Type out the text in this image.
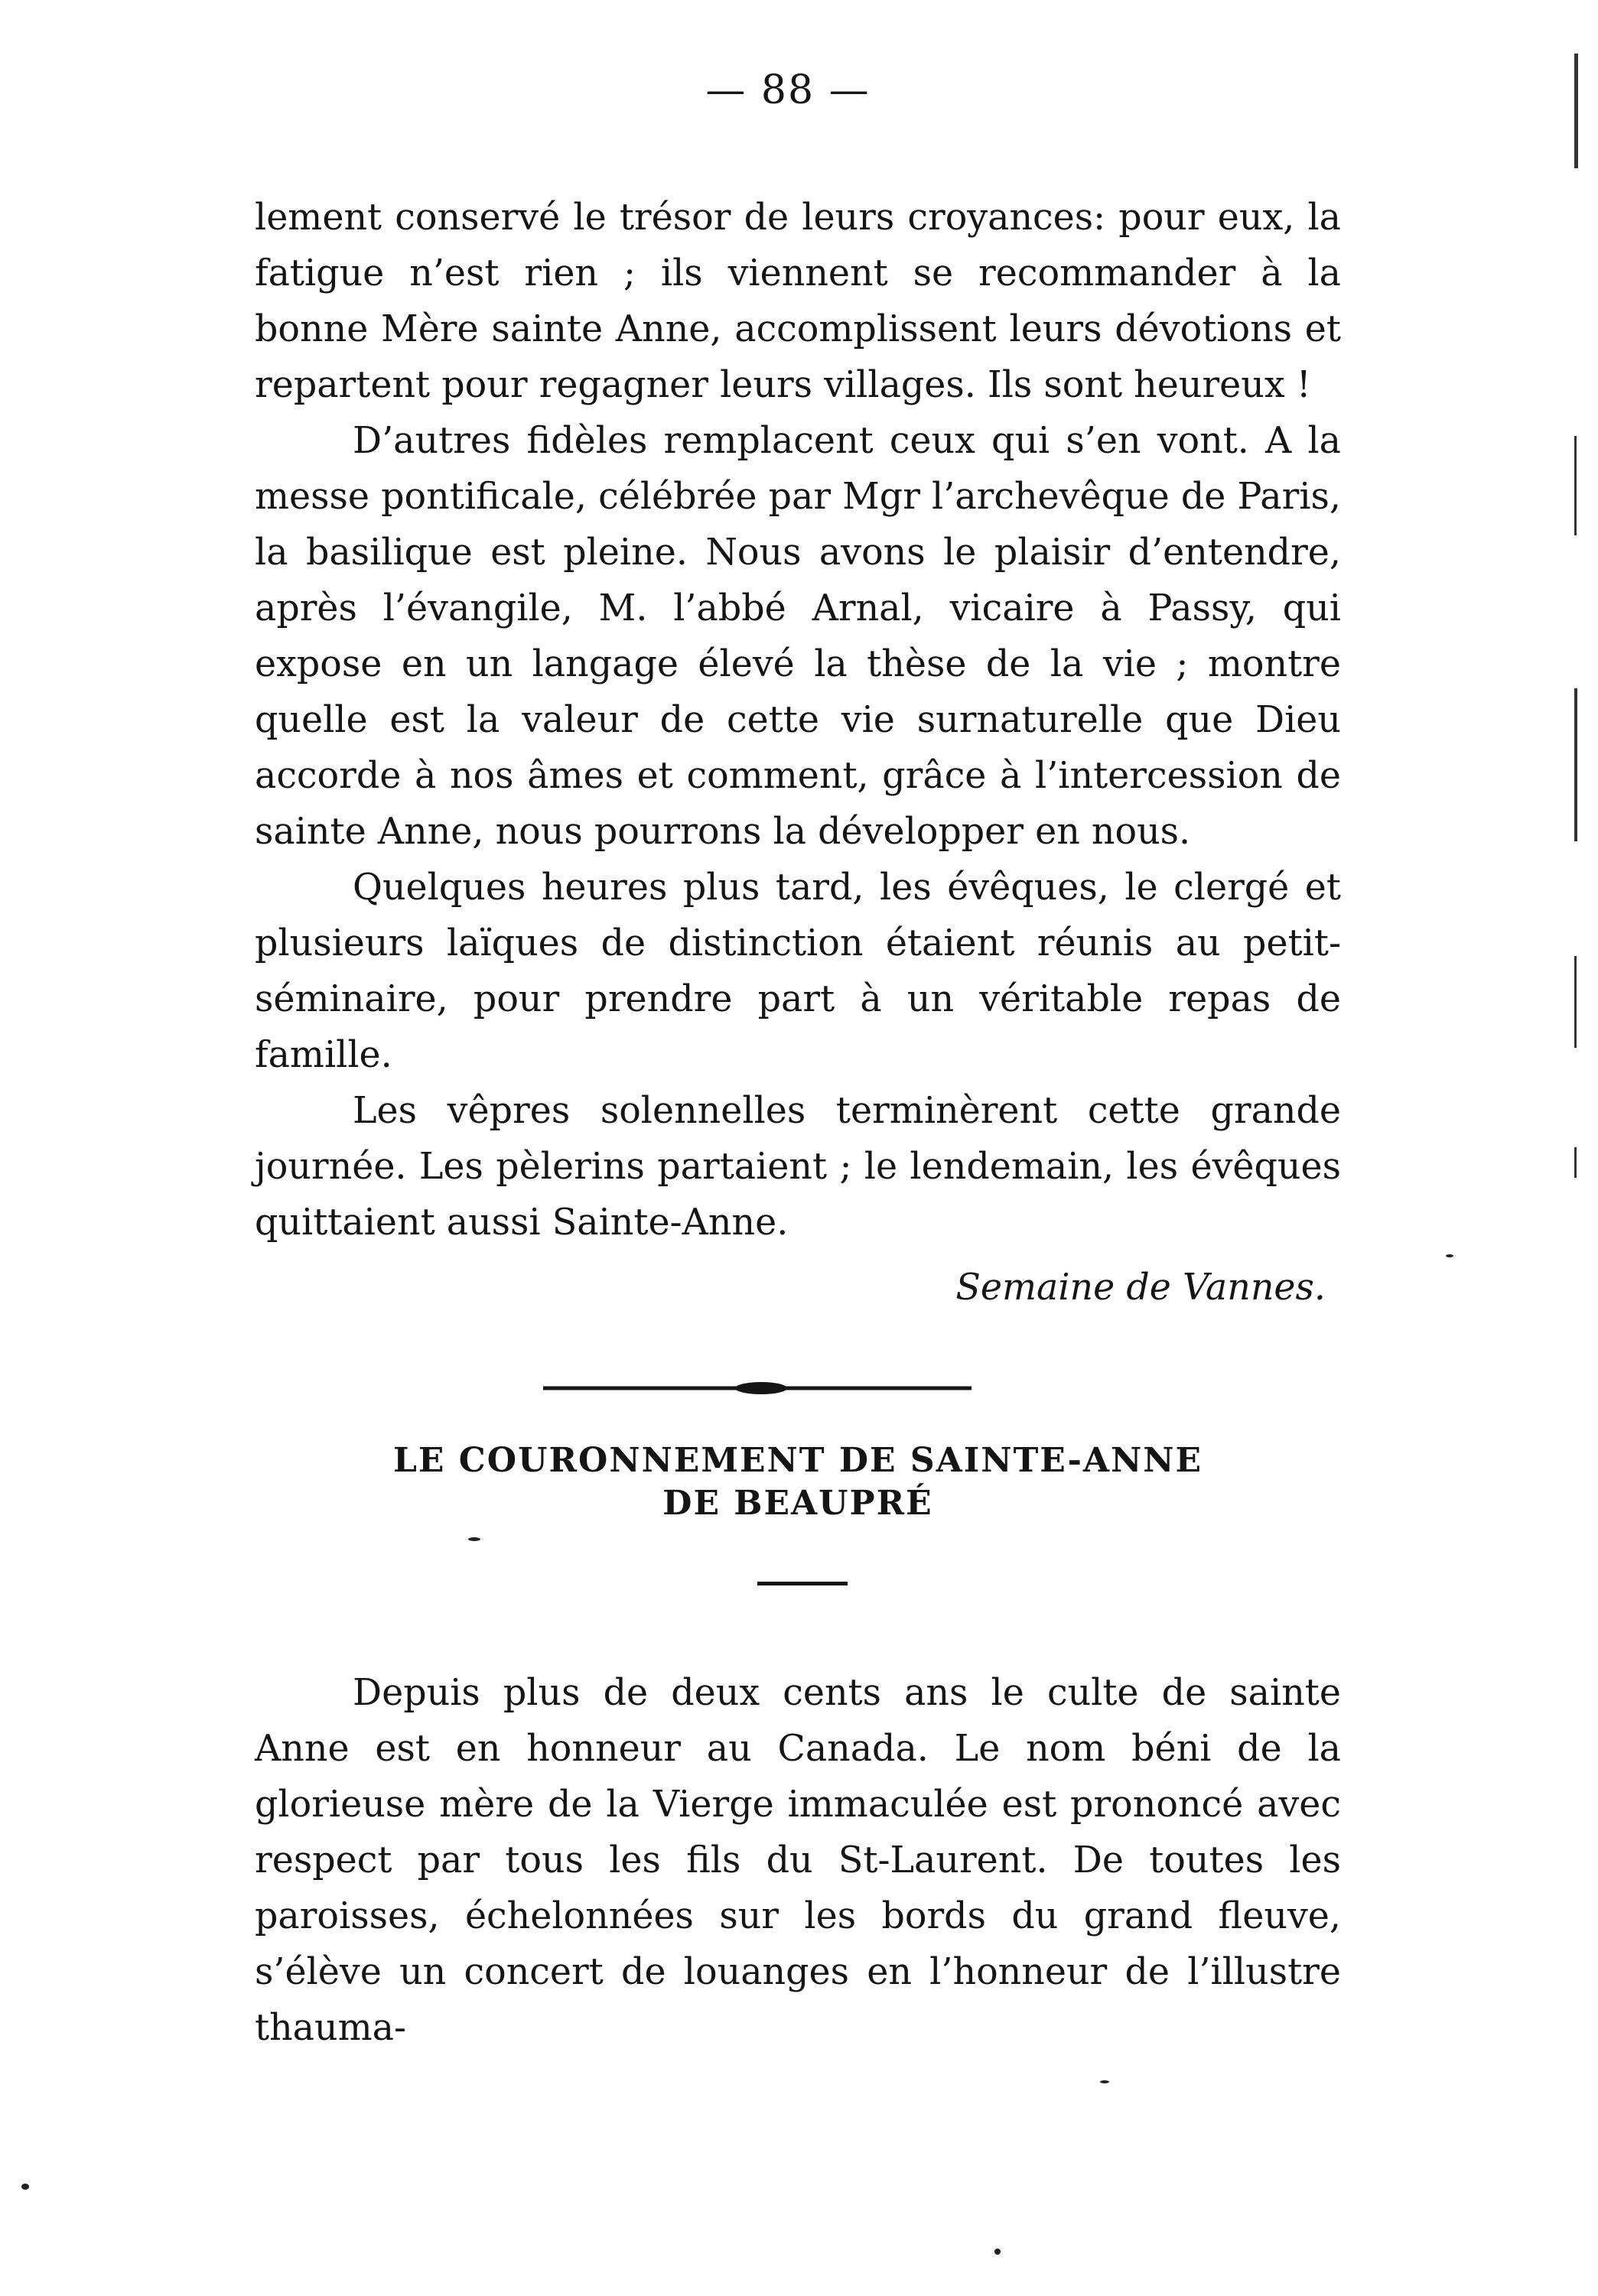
— 88 —

lement conservé le trésor de leurs croyances: pour eux, la fatigue n’est rien ; ils viennent se recommander à la bonne Mère sainte Anne, accomplissent leurs dévotions et repartent pour regagner leurs villages. Ils sont heureux !

D’autres fidèles remplacent ceux qui s’en vont. A la messe pontificale, célébrée par Mgr l’archevêque de Paris, la basilique est pleine. Nous avons le plaisir d’entendre, après l’évangile, M. l’abbé Arnal, vicaire à Passy, qui expose en un langage élevé la thèse de la vie ; montre quelle est la valeur de cette vie surnaturelle que Dieu accorde à nos âmes et comment, grâce à l’intercession de sainte Anne, nous pourrons la développer en nous.

Quelques heures plus tard, les évêques, le clergé et plusieurs laïques de distinction étaient réunis au petit-séminaire, pour prendre part à un véritable repas de famille.

Les vêpres solennelles terminèrent cette grande journée. Les pèlerins partaient ; le lendemain, les évêques quittaient aussi Sainte-Anne.

Semaine de Vannes.

LE COURONNEMENT DE SAINTE-ANNE

DE BEAUPRÉ

Depuis plus de deux cents ans le culte de sainte Anne est en honneur au Canada. Le nom béni de la glorieuse mère de la Vierge immaculée est prononcé avec respect par tous les fils du St-Laurent. De toutes les paroisses, échelonnées sur les bords du grand fleuve, s’élève un concert de louanges en l’honneur de l’illustre thauma-
